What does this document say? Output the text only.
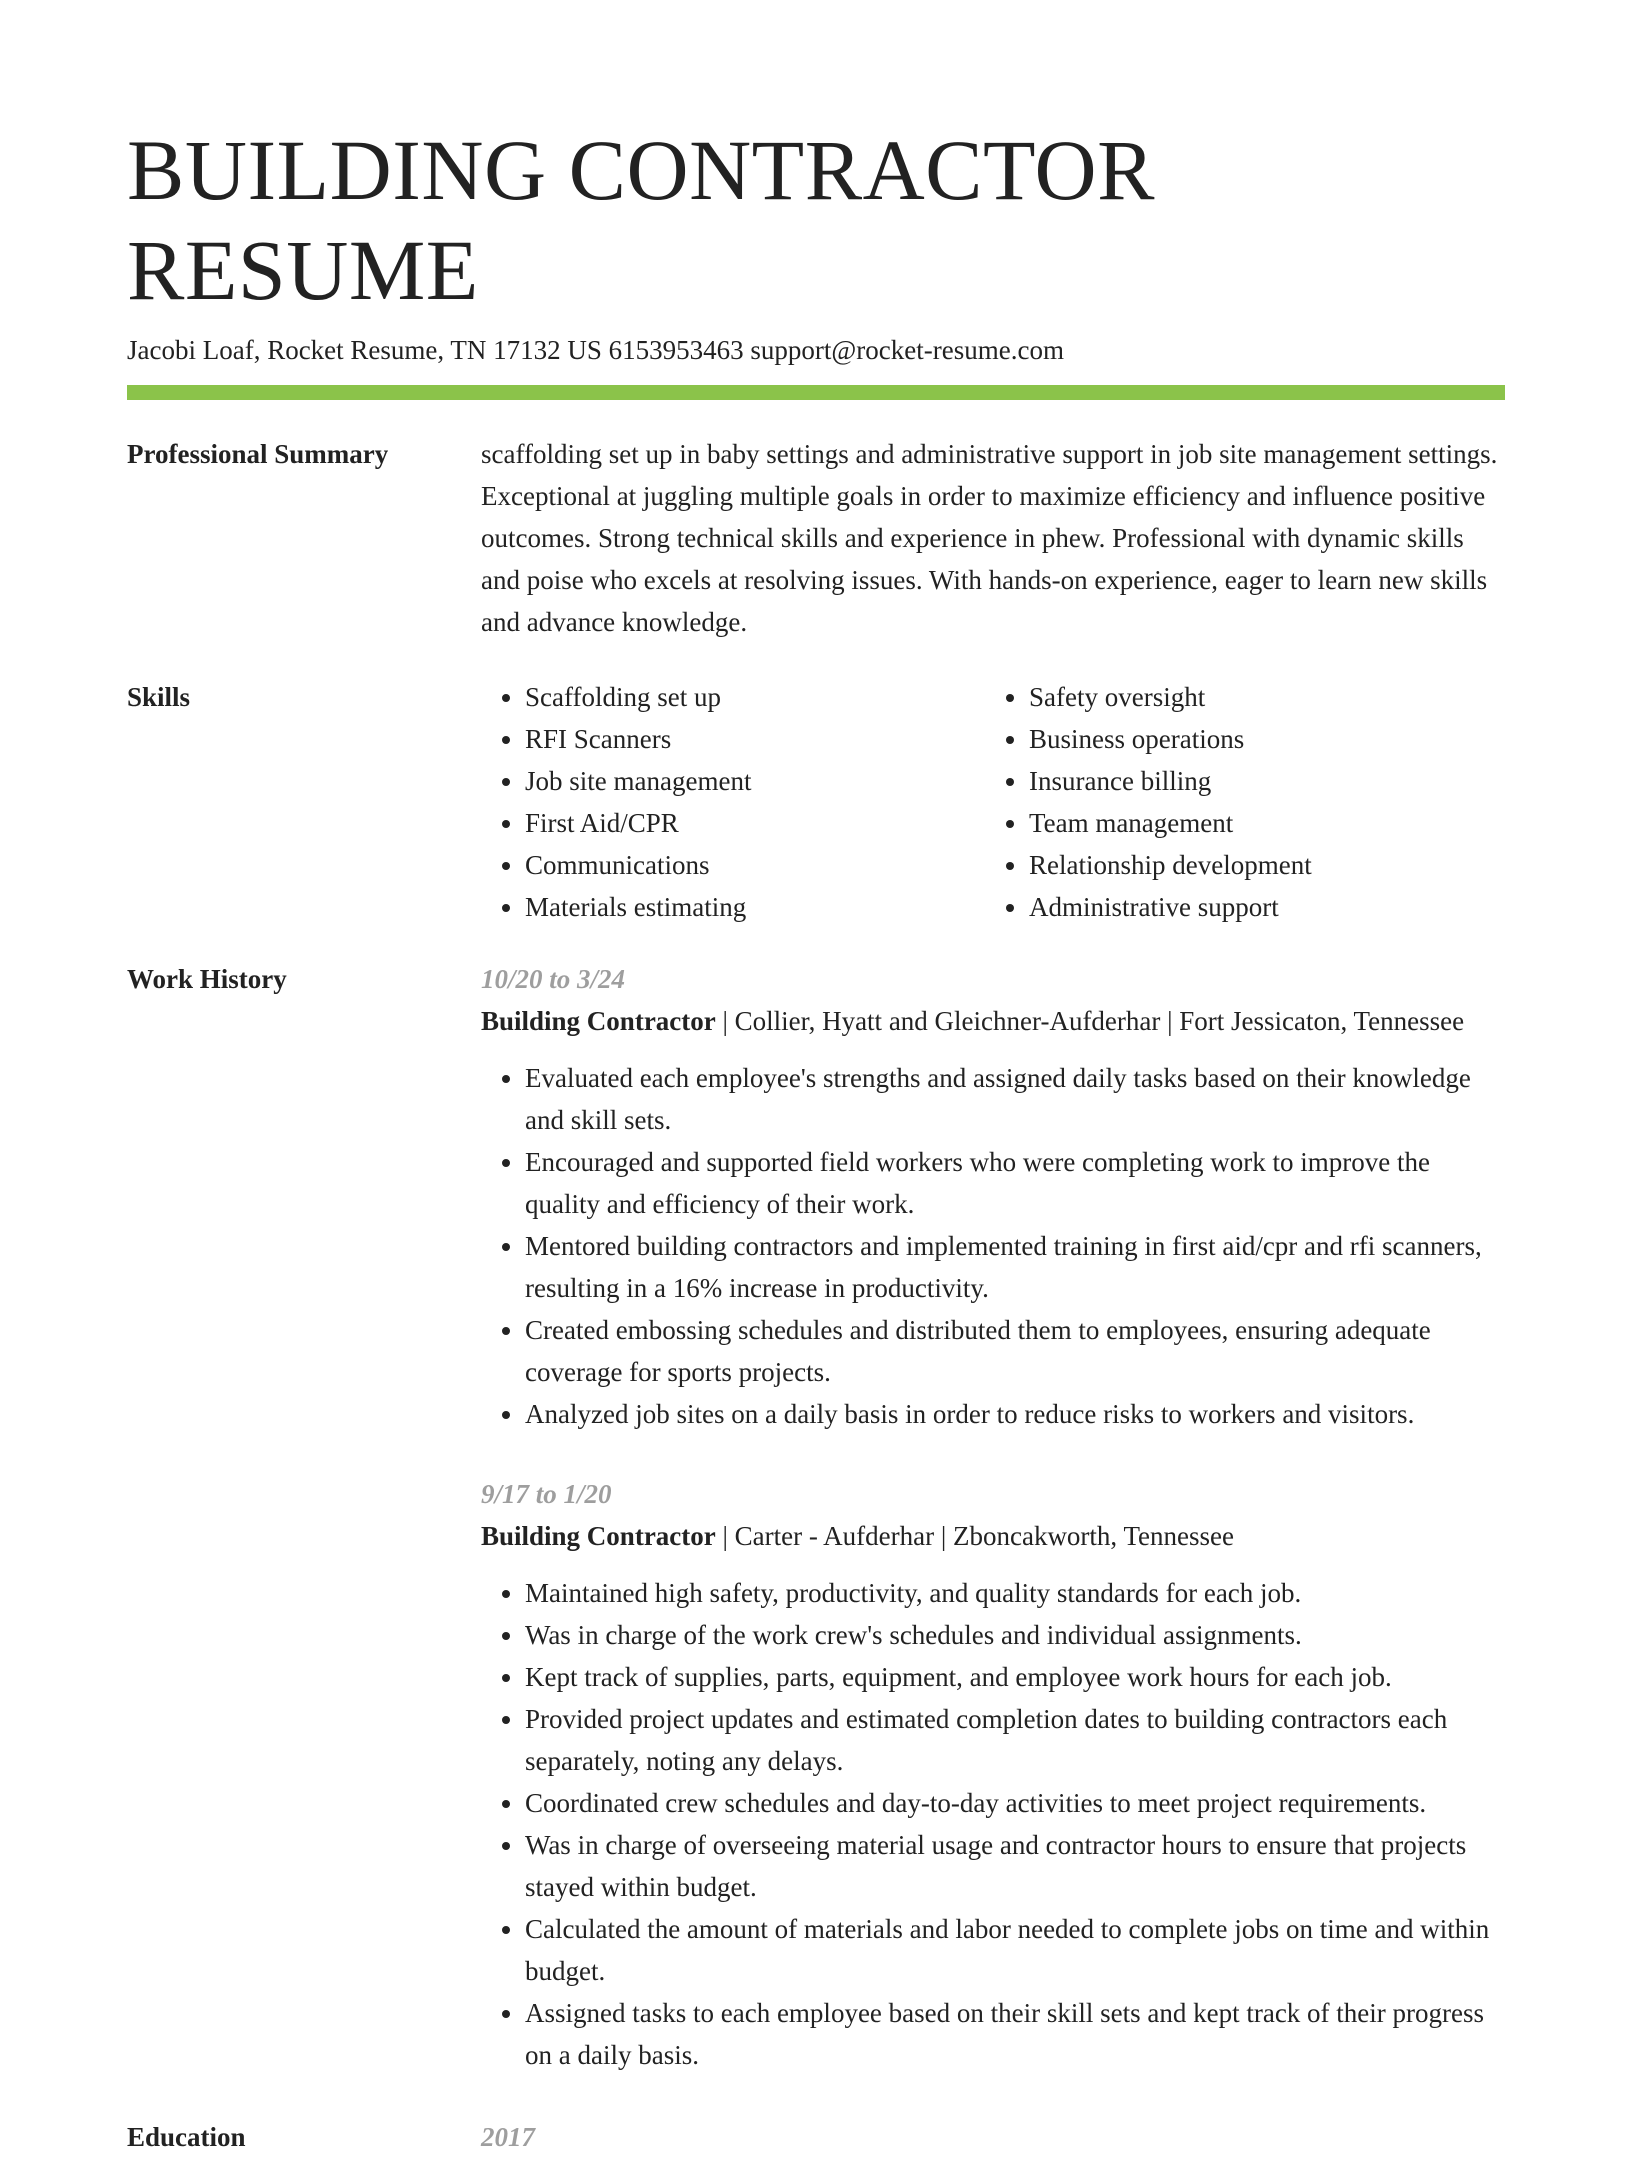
BUILDING CONTRACTOR RESUME
Jacobi Loaf, Rocket Resume, TN 17132 US 6153953463 support@rocket-resume.com
Professional Summary	scaffolding set up in baby settings and administrative support in job site management settings. Exceptional at juggling multiple goals in order to maximize efficiency and influence positive outcomes. Strong technical skills and experience in phew. Professional with dynamic skills and poise who excels at resolving issues. With hands-on experience, eager to learn new skills and advance knowledge.

Skills
•	Scaffolding set up
• RFI Scanners
• Job site management
• First Aid/CPR
• Communications
• Materials estimating
• Safety oversight
• Business operations
• Insurance billing
• Team management
• Relationship development
• Administrative support
Work History	10/20 to 3/24
Building Contractor | Collier, Hyatt and Gleichner-Aufderhar | Fort Jessicaton, Tennessee
• Evaluated each employee's strengths and assigned daily tasks based on their knowledge and skill sets.
• Encouraged and supported field workers who were completing work to improve the quality and efficiency of their work.
• Mentored building contractors and implemented training in first aid/cpr and rfi scanners, resulting in a 16% increase in productivity.
• Created embossing schedules and distributed them to employees, ensuring adequate coverage for sports projects.
• Analyzed job sites on a daily basis in order to reduce risks to workers and visitors.
9/17 to 1/20
Building Contractor | Carter - Aufderhar | Zboncakworth, Tennessee
• Maintained high safety, productivity, and quality standards for each job.
• Was in charge of the work crew's schedules and individual assignments.
• Kept track of supplies, parts, equipment, and employee work hours for each job.
• Provided project updates and estimated completion dates to building contractors each separately, noting any delays.
• Coordinated crew schedules and day-to-day activities to meet project requirements.
• Was in charge of overseeing material usage and contractor hours to ensure that projects stayed within budget.
• Calculated the amount of materials and labor needed to complete jobs on time and within budget.
• Assigned tasks to each employee based on their skill sets and kept track of their progress on a daily basis.
Education	2017
